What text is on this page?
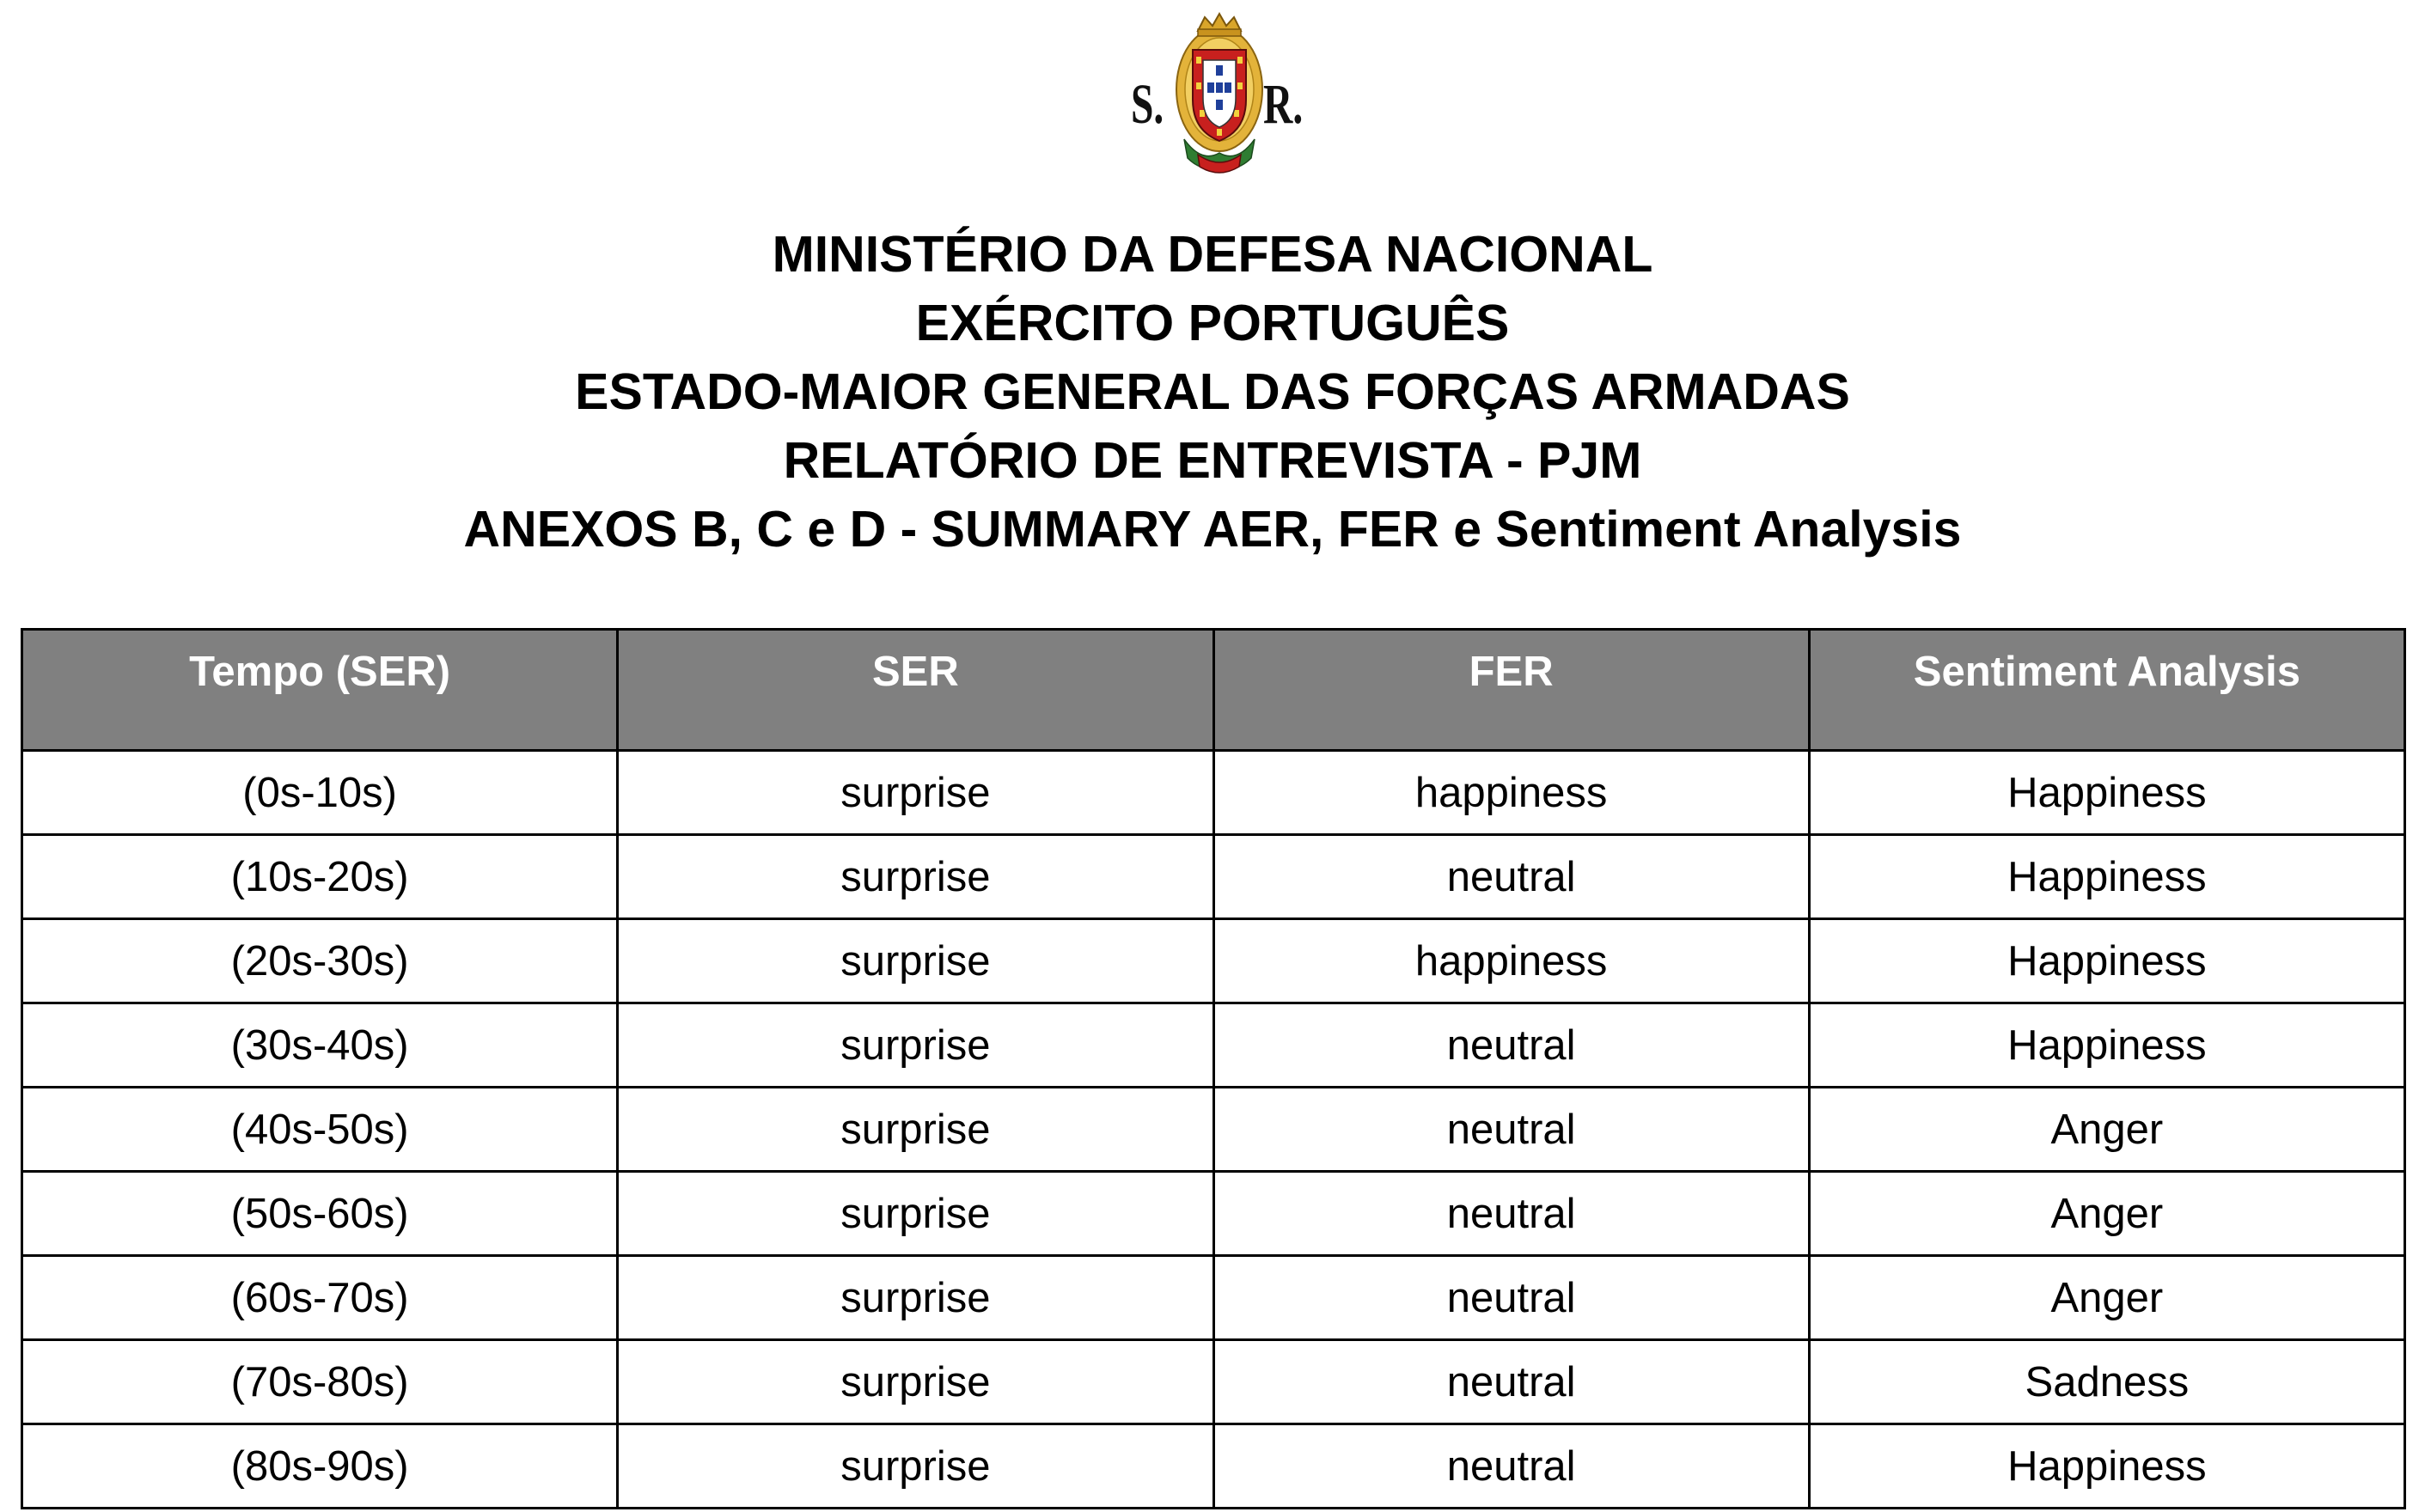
S. R.
MINISTÉRIO DA DEFESA NACIONAL
EXÉRCITO PORTUGUÊS
ESTADO-MAIOR GENERAL DAS FORÇAS ARMADAS
RELATÓRIO DE ENTREVISTA - PJM
ANEXOS B, C e D - SUMMARY AER, FER e Sentiment Analysis
Tempo (SER)	SER	FER	Sentiment Analysis
(0s-10s)	surprise	happiness	Happiness
(10s-20s)	surprise	neutral	Happiness
(20s-30s)	surprise	happiness	Happiness
(30s-40s)	surprise	neutral	Happiness
(40s-50s)	surprise	neutral	Anger
(50s-60s)	surprise	neutral	Anger
(60s-70s)	surprise	neutral	Anger
(70s-80s)	surprise	neutral	Sadness
(80s-90s)	surprise	neutral	Happiness
